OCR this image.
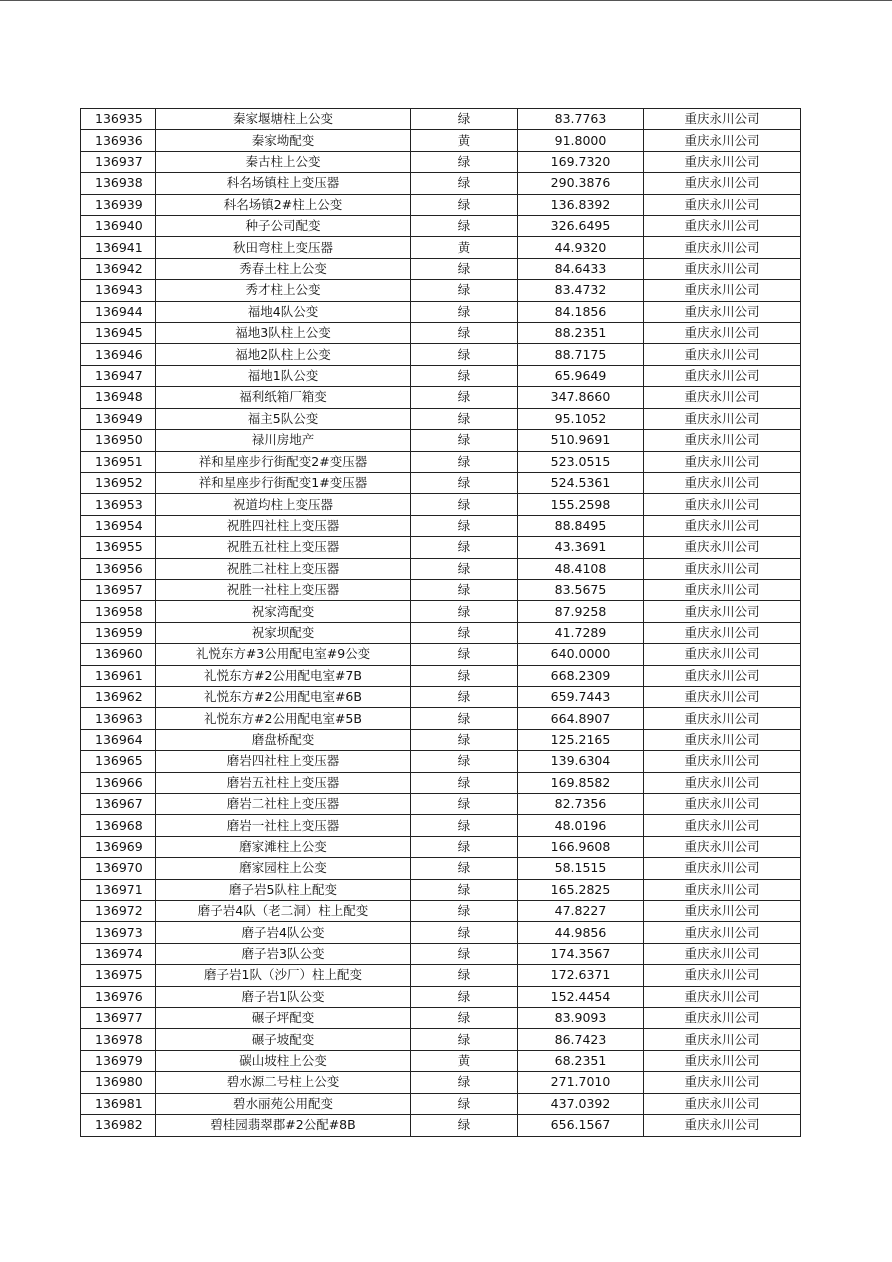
136935	秦家堰塘柱上公变	绿	83.7763	重庆永川公司
136936	秦家坳配变	黄	91.8000	重庆永川公司
136937	秦古柱上公变	绿	169.7320	重庆永川公司
136938	科名场镇柱上变压器	绿	290.3876	重庆永川公司
136939	科名场镇2#柱上公变	绿	136.8392	重庆永川公司
136940	种子公司配变	绿	326.6495	重庆永川公司
136941	秋田弯柱上变压器	黄	44.9320	重庆永川公司
136942	秀春土柱上公变	绿	84.6433	重庆永川公司
136943	秀才柱上公变	绿	83.4732	重庆永川公司
136944	福地4队公变	绿	84.1856	重庆永川公司
136945	福地3队柱上公变	绿	88.2351	重庆永川公司
136946	福地2队柱上公变	绿	88.7175	重庆永川公司
136947	福地1队公变	绿	65.9649	重庆永川公司
136948	福利纸箱厂箱变	绿	347.8660	重庆永川公司
136949	福主5队公变	绿	95.1052	重庆永川公司
136950	禄川房地产	绿	510.9691	重庆永川公司
136951	祥和星座步行街配变2#变压器	绿	523.0515	重庆永川公司
136952	祥和星座步行街配变1#变压器	绿	524.5361	重庆永川公司
136953	祝道均柱上变压器	绿	155.2598	重庆永川公司
136954	祝胜四社柱上变压器	绿	88.8495	重庆永川公司
136955	祝胜五社柱上变压器	绿	43.3691	重庆永川公司
136956	祝胜二社柱上变压器	绿	48.4108	重庆永川公司
136957	祝胜一社柱上变压器	绿	83.5675	重庆永川公司
136958	祝家湾配变	绿	87.9258	重庆永川公司
136959	祝家坝配变	绿	41.7289	重庆永川公司
136960	礼悦东方#3公用配电室#9公变	绿	640.0000	重庆永川公司
136961	礼悦东方#2公用配电室#7B	绿	668.2309	重庆永川公司
136962	礼悦东方#2公用配电室#6B	绿	659.7443	重庆永川公司
136963	礼悦东方#2公用配电室#5B	绿	664.8907	重庆永川公司
136964	磨盘桥配变	绿	125.2165	重庆永川公司
136965	磨岩四社柱上变压器	绿	139.6304	重庆永川公司
136966	磨岩五社柱上变压器	绿	169.8582	重庆永川公司
136967	磨岩二社柱上变压器	绿	82.7356	重庆永川公司
136968	磨岩一社柱上变压器	绿	48.0196	重庆永川公司
136969	磨家滩柱上公变	绿	166.9608	重庆永川公司
136970	磨家园柱上公变	绿	58.1515	重庆永川公司
136971	磨子岩5队柱上配变	绿	165.2825	重庆永川公司
136972	磨子岩4队（老二洞）柱上配变	绿	47.8227	重庆永川公司
136973	磨子岩4队公变	绿	44.9856	重庆永川公司
136974	磨子岩3队公变	绿	174.3567	重庆永川公司
136975	磨子岩1队（沙厂）柱上配变	绿	172.6371	重庆永川公司
136976	磨子岩1队公变	绿	152.4454	重庆永川公司
136977	碾子坪配变	绿	83.9093	重庆永川公司
136978	碾子坡配变	绿	86.7423	重庆永川公司
136979	碳山坡柱上公变	黄	68.2351	重庆永川公司
136980	碧水源二号柱上公变	绿	271.7010	重庆永川公司
136981	碧水丽苑公用配变	绿	437.0392	重庆永川公司
136982	碧桂园翡翠郡#2公配#8B	绿	656.1567	重庆永川公司
